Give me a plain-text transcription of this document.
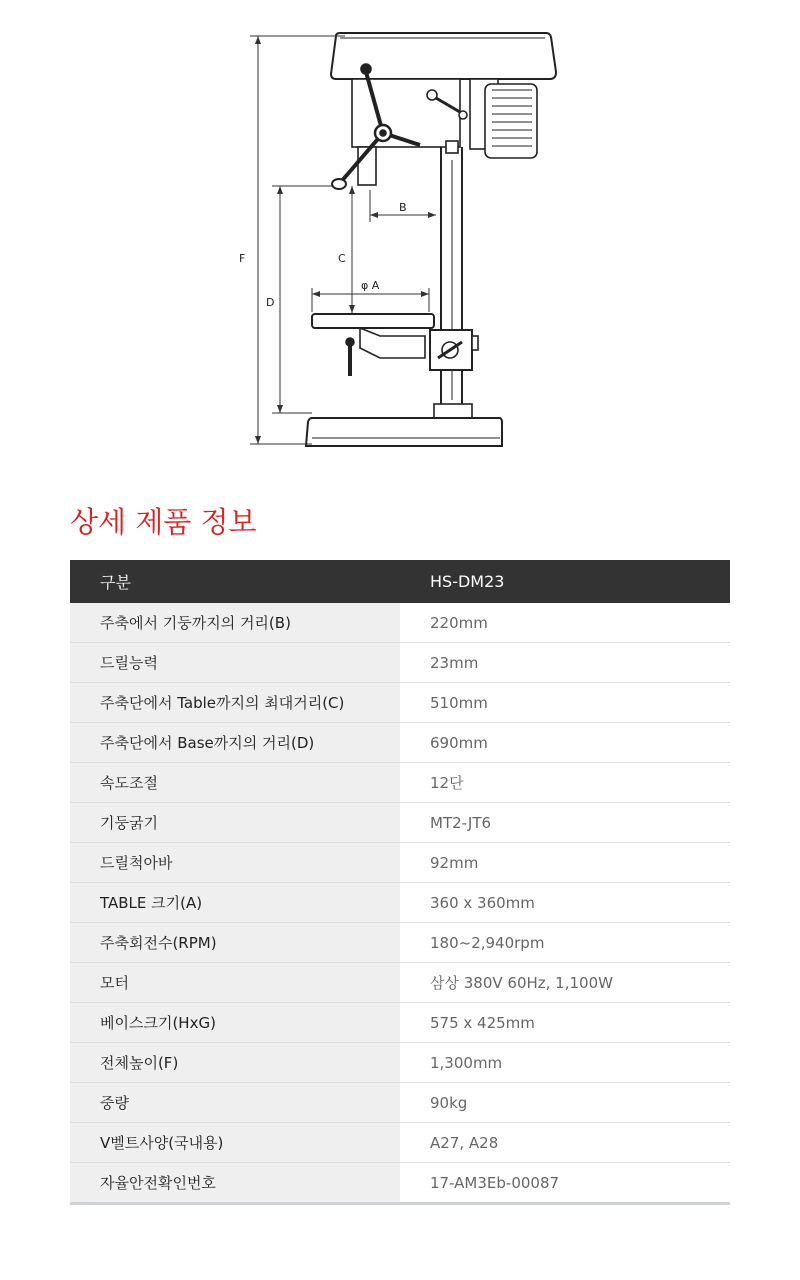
F
D
C
B
φ A
상세 제품 정보
구분	HS-DM23
주축에서 기둥까지의 거리(B)	220mm
드릴능력	23mm
주축단에서 Table까지의 최대거리(C)	510mm
주축단에서 Base까지의 거리(D)	690mm
속도조절	12단
기둥굵기	MT2-JT6
드릴척아바	92mm
TABLE 크기(A)	360 x 360mm
주축회전수(RPM)	180~2,940rpm
모터	삼상 380V 60Hz, 1,100W
베이스크기(HxG)	575 x 425mm
전체높이(F)	1,300mm
중량	90kg
V벨트사양(국내용)	A27, A28
자율안전확인번호	17-AM3Eb-00087
